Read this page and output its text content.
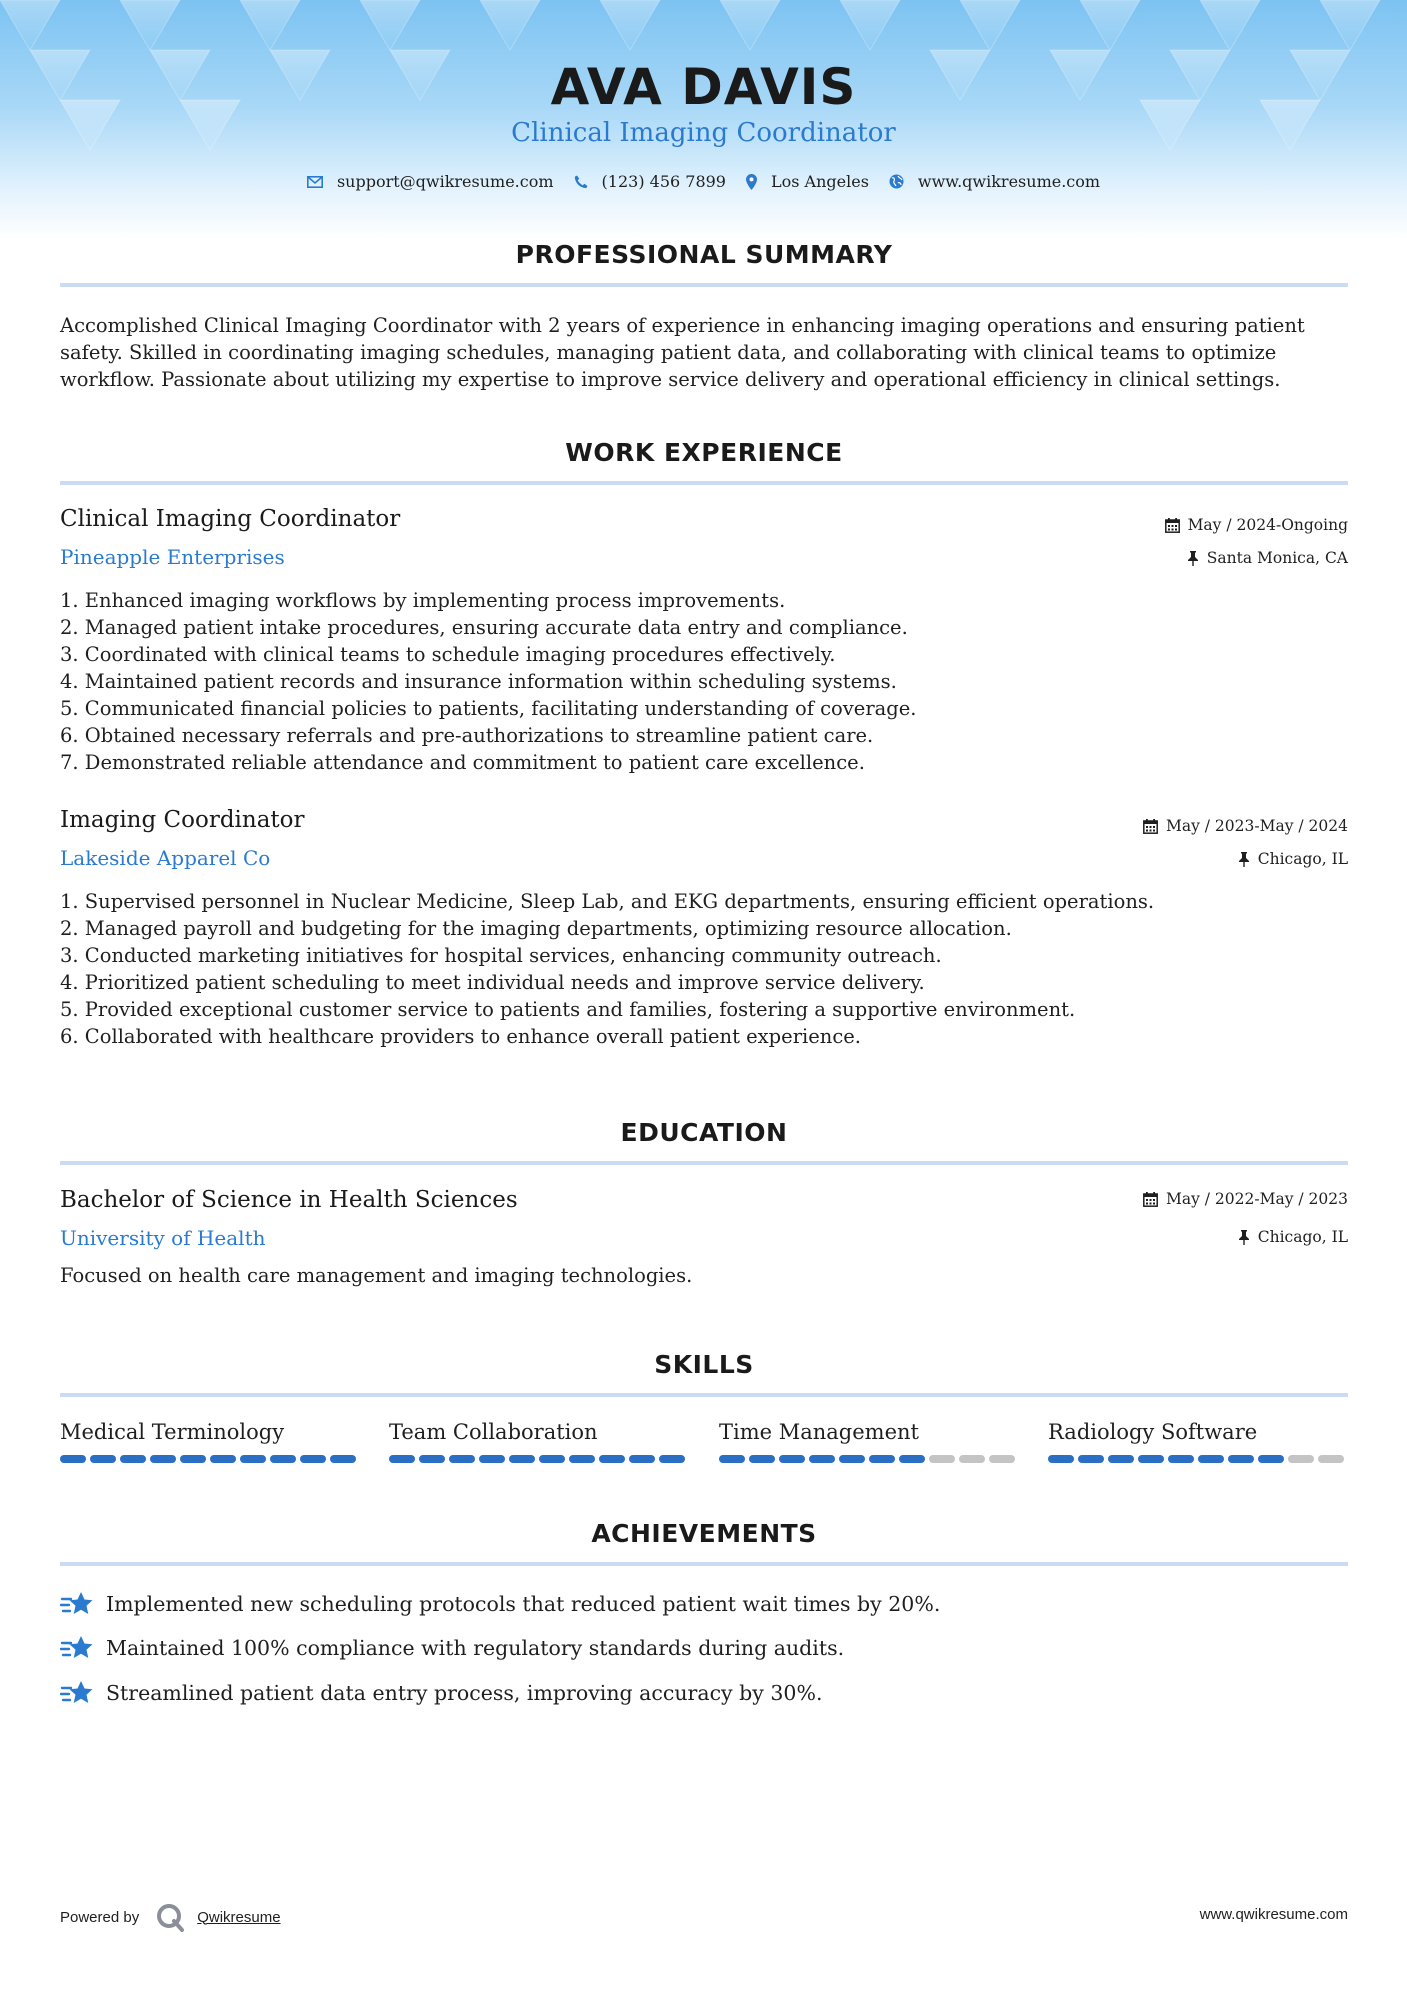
AVA DAVIS
Clinical Imaging Coordinator
support@qwikresume.com	(123) 456 7899	Los Angeles	www.qwikresume.com
PROFESSIONAL SUMMARY
Accomplished Clinical Imaging Coordinator with 2 years of experience in enhancing imaging operations and ensuring patient
safety. Skilled in coordinating imaging schedules, managing patient data, and collaborating with clinical teams to optimize
workflow. Passionate about utilizing my expertise to improve service delivery and operational efficiency in clinical settings.
WORK EXPERIENCE
Clinical Imaging Coordinator
Pineapple Enterprises
May / 2024-Ongoing
Santa Monica, CA
1. Enhanced imaging workflows by implementing process improvements.
2. Managed patient intake procedures, ensuring accurate data entry and compliance.
3. Coordinated with clinical teams to schedule imaging procedures effectively.
4. Maintained patient records and insurance information within scheduling systems.
5. Communicated financial policies to patients, facilitating understanding of coverage.
6. Obtained necessary referrals and pre-authorizations to streamline patient care.
7. Demonstrated reliable attendance and commitment to patient care excellence.
Imaging Coordinator
Lakeside Apparel Co
May / 2023-May / 2024
Chicago, IL
1. Supervised personnel in Nuclear Medicine, Sleep Lab, and EKG departments, ensuring efficient operations.
2. Managed payroll and budgeting for the imaging departments, optimizing resource allocation.
3. Conducted marketing initiatives for hospital services, enhancing community outreach.
4. Prioritized patient scheduling to meet individual needs and improve service delivery.
5. Provided exceptional customer service to patients and families, fostering a supportive environment.
6. Collaborated with healthcare providers to enhance overall patient experience.
EDUCATION
Bachelor of Science in Health Sciences
University of Health
May / 2022-May / 2023
Chicago, IL
Focused on health care management and imaging technologies.
SKILLS
Medical Terminology	Team Collaboration	Time Management	Radiology Software
ACHIEVEMENTS
Implemented new scheduling protocols that reduced patient wait times by 20%.
Maintained 100% compliance with regulatory standards during audits.
Streamlined patient data entry process, improving accuracy by 30%.
Powered by	Qwikresume	www.qwikresume.com
